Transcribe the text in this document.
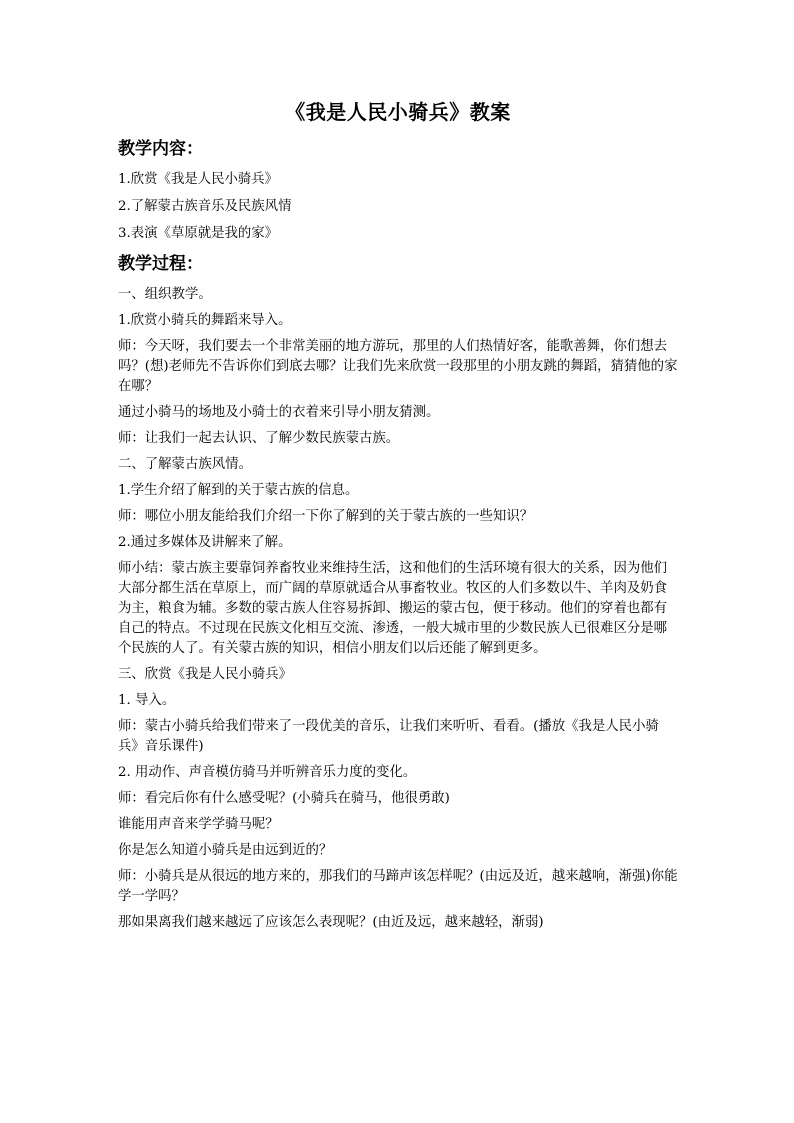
《我是人民小骑兵》教案
教学内容：
1.欣赏《我是人民小骑兵》
2.了解蒙古族音乐及民族风情
3.表演《草原就是我的家》
教学过程：
一、组织教学。
1.欣赏小骑兵的舞蹈来导入。
师：今天呀，我们要去一个非常美丽的地方游玩，那里的人们热情好客，能歌善舞，你们想去吗？(想)老师先不告诉你们到底去哪？让我们先来欣赏一段那里的小朋友跳的舞蹈，猜猜他的家在哪？
通过小骑马的场地及小骑士的衣着来引导小朋友猜测。
师：让我们一起去认识、了解少数民族蒙古族。
二、了解蒙古族风情。
1.学生介绍了解到的关于蒙古族的信息。
师：哪位小朋友能给我们介绍一下你了解到的关于蒙古族的一些知识？
2.通过多媒体及讲解来了解。
师小结：蒙古族主要靠饲养畜牧业来维持生活，这和他们的生活环境有很大的关系，因为他们大部分都生活在草原上，而广阔的草原就适合从事畜牧业。牧区的人们多数以牛、羊肉及奶食为主，粮食为辅。多数的蒙古族人住容易拆卸、搬运的蒙古包，便于移动。他们的穿着也都有自己的特点。不过现在民族文化相互交流、渗透，一般大城市里的少数民族人已很难区分是哪个民族的人了。有关蒙古族的知识，相信小朋友们以后还能了解到更多。
三、欣赏《我是人民小骑兵》
1. 导入。
师：蒙古小骑兵给我们带来了一段优美的音乐，让我们来听听、看看。(播放《我是人民小骑兵》音乐课件)
2. 用动作、声音模仿骑马并听辨音乐力度的变化。
师：看完后你有什么感受呢？(小骑兵在骑马，他很勇敢)
谁能用声音来学学骑马呢？
你是怎么知道小骑兵是由远到近的？
师：小骑兵是从很远的地方来的，那我们的马蹄声该怎样呢？(由远及近，越来越响，渐强)你能学一学吗？
那如果离我们越来越远了应该怎么表现呢？(由近及远，越来越轻，渐弱)
